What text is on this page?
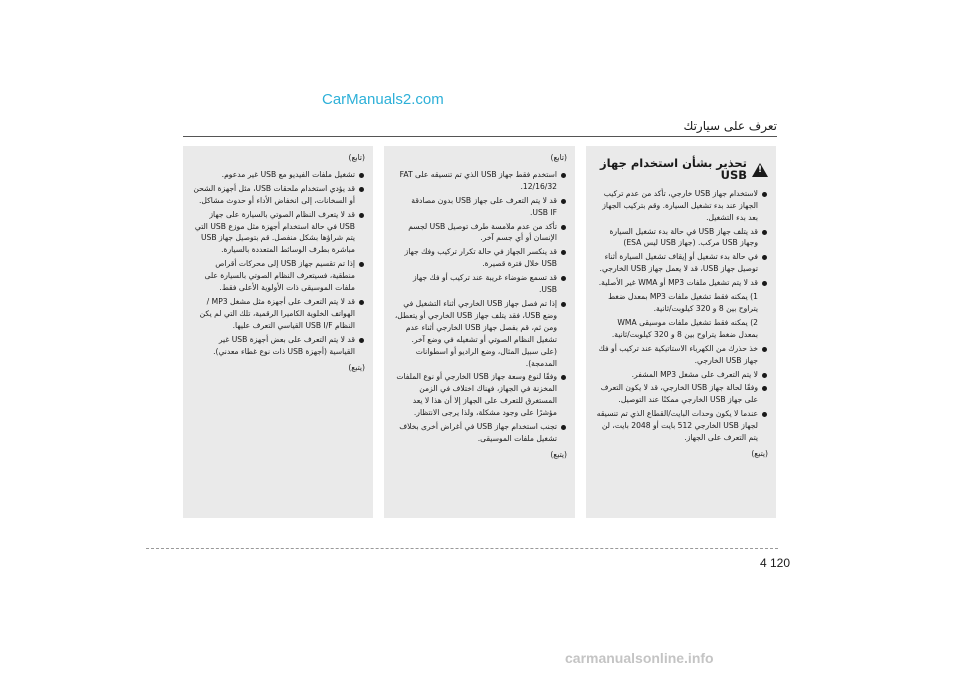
CarManuals2.com
تعرف على سيارتك
!
تحذير بشأن استخدام جهاز USB
لاستخدام جهاز USB خارجي، تأكد من عدم تركيب الجهاز عند بدء تشغيل السيارة. وقم بتركيب الجهاز بعد بدء التشغيل.
قد يتلف جهاز USB في حالة بدء تشغيل السيارة وجهاز USB مركب. (جهاز USB ليس ESA)
في حالة بدء تشغيل أو إيقاف تشغيل السيارة أثناء توصيل جهاز USB، قد لا يعمل جهاز USB الخارجي.
قد لا يتم تشغيل ملفات MP3 أو WMA غير الأصلية.
1) يمكنه فقط تشغيل ملفات MP3 بمعدل ضغط يتراوح بين 8 و 320 كيلوبت/ثانية.
2) يمكنه فقط تشغيل ملفات موسيقى WMA بمعدل ضغط يتراوح بين 8 و 320 كيلوبت/ثانية.
خذ حذرك من الكهرباء الاستاتيكية عند تركيب أو فك جهاز USB الخارجي.
لا يتم التعرف على مشغل MP3 المشفر.
وفقًا لحالة جهاز USB الخارجي، قد لا يكون التعرف على جهاز USB الخارجي ممكنًا عند التوصيل.
عندما لا يكون وحدات البايت/القطاع الذي تم تنسيقه لجهاز USB الخارجي 512 بايت أو 2048 بايت، لن يتم التعرف على الجهاز.
(يتبع)
(تابع)
استخدم فقط جهاز USB الذي تم تنسيقه على FAT 12/16/32.
قد لا يتم التعرف على جهاز USB بدون مصادقة USB IF.
تأكد من عدم ملامسة طرف توصيل USB لجسم الإنسان أو أي جسم آخر.
قد ينكسر الجهاز في حالة تكرار تركيب وفك جهاز USB خلال فترة قصيرة.
قد تسمع ضوضاء غريبة عند تركيب أو فك جهاز USB.
إذا تم فصل جهاز USB الخارجي أثناء التشغيل في وضع USB، فقد يتلف جهاز USB الخارجي أو يتعطل، ومن ثم، قم بفصل جهاز USB الخارجي أثناء عدم تشغيل النظام الصوتي أو تشغيله في وضع آخر. (على سبيل المثال، وضع الراديو أو اسطوانات المدمجة).
وفقًا لنوع وسعة جهاز USB الخارجي أو نوع الملفات المخزنة في الجهاز، فهناك اختلاف في الزمن المستغرق للتعرف على الجهاز إلا أن هذا لا يعد مؤشرًا على وجود مشكلة، ولذا يرجى الانتظار.
تجنب استخدام جهاز USB في أغراض أخرى بخلاف تشغيل ملفات الموسيقى.
(يتبع)
(تابع)
تشغيل ملفات الفيديو مع USB غير مدعوم.
قد يؤدي استخدام ملحقات USB، مثل أجهزة الشحن أو السخانات، إلى انخفاض الأداء أو حدوث مشاكل.
قد لا يتعرف النظام الصوتي بالسيارة على جهاز USB في حالة استخدام أجهزة مثل موزع USB التي يتم شراؤها بشكل منفصل. قم بتوصيل جهاز USB مباشرة بطرف الوسائط المتعددة بالسيارة.
إذا تم تقسيم جهاز USB إلى محركات أقراص منطقية، فسيتعرف النظام الصوتي بالسيارة على ملفات الموسيقى ذات الأولوية الأعلى فقط.
قد لا يتم التعرف على أجهزة مثل مشغل MP3 / الهواتف الخلوية الكاميرا الرقمية، تلك التي لم يكن النظام USB I/F القياسي التعرف عليها.
قد لا يتم التعرف على بعض أجهزة USB غير القياسية (أجهزة USB ذات نوع غطاء معدني).
(يتبع)
4 120
carmanualsonline.info
